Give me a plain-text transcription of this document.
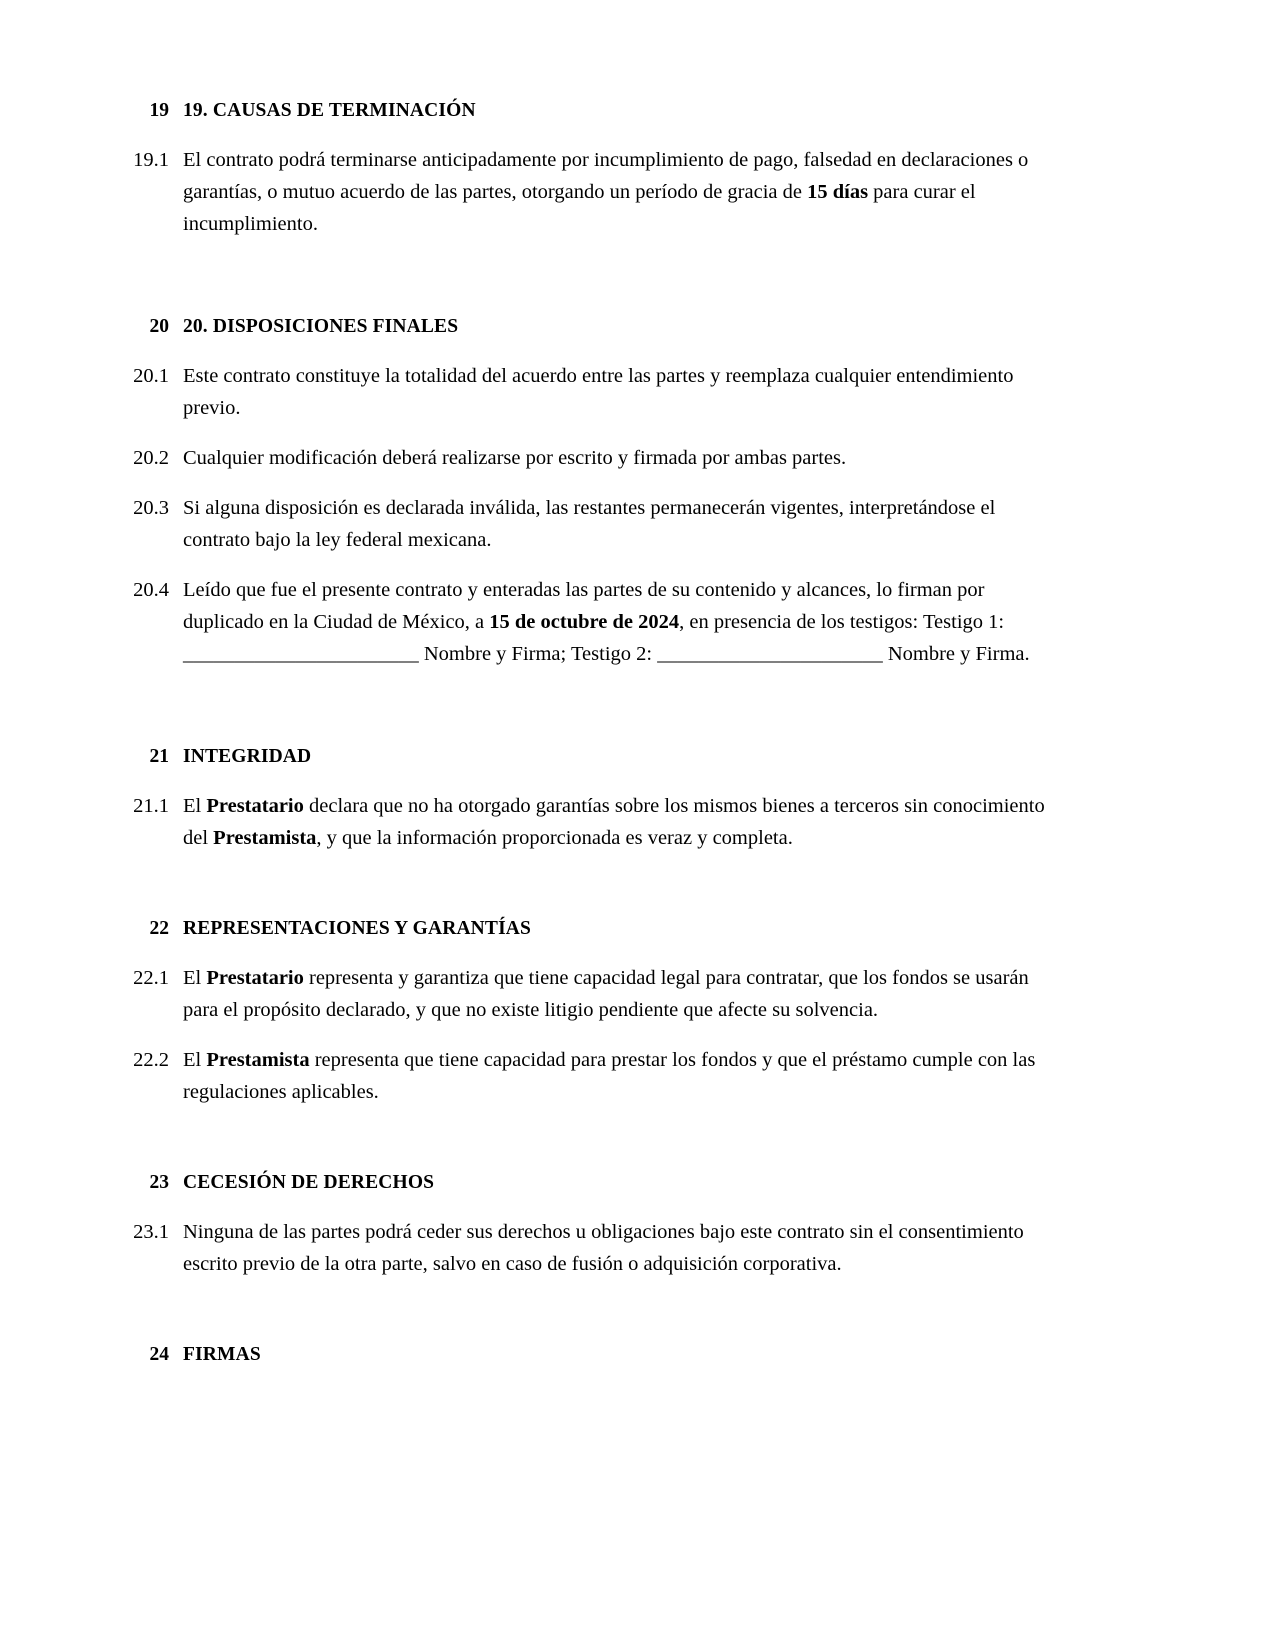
19 19. CAUSAS DE TERMINACIÓN
19.1 El contrato podrá terminarse anticipadamente por incumplimiento de pago, falsedad en declaraciones o garantías, o mutuo acuerdo de las partes, otorgando un período de gracia de 15 días para curar el incumplimiento.
20 20. DISPOSICIONES FINALES
20.1 Este contrato constituye la totalidad del acuerdo entre las partes y reemplaza cualquier entendimiento previo.
20.2 Cualquier modificación deberá realizarse por escrito y firmada por ambas partes.
20.3 Si alguna disposición es declarada inválida, las restantes permanecerán vigentes, interpretándose el contrato bajo la ley federal mexicana.
20.4 Leído que fue el presente contrato y enteradas las partes de su contenido y alcances, lo firman por duplicado en la Ciudad de México, a 15 de octubre de 2024, en presencia de los testigos: Testigo 1: _______________________ Nombre y Firma; Testigo 2: ______________________ Nombre y Firma.
21 INTEGRIDAD
21.1 El Prestatario declara que no ha otorgado garantías sobre los mismos bienes a terceros sin conocimiento del Prestamista, y que la información proporcionada es veraz y completa.
22 REPRESENTACIONES Y GARANTÍAS
22.1 El Prestatario representa y garantiza que tiene capacidad legal para contratar, que los fondos se usarán para el propósito declarado, y que no existe litigio pendiente que afecte su solvencia.
22.2 El Prestamista representa que tiene capacidad para prestar los fondos y que el préstamo cumple con las regulaciones aplicables.
23 CECESIÓN DE DERECHOS
23.1 Ninguna de las partes podrá ceder sus derechos u obligaciones bajo este contrato sin el consentimiento escrito previo de la otra parte, salvo en caso de fusión o adquisición corporativa.
24 FIRMAS
